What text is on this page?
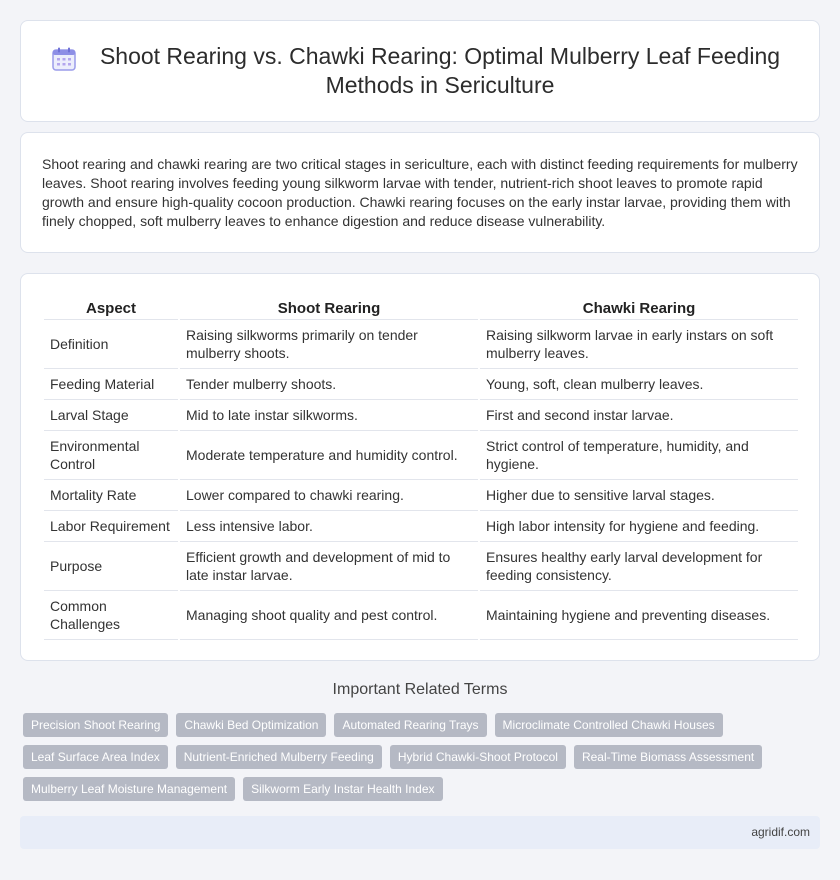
Shoot Rearing vs. Chawki Rearing: Optimal Mulberry Leaf Feeding Methods in Sericulture

Shoot rearing and chawki rearing are two critical stages in sericulture, each with distinct feeding requirements for mulberry leaves. Shoot rearing involves feeding young silkworm larvae with tender, nutrient-rich shoot leaves to promote rapid growth and ensure high-quality cocoon production. Chawki rearing focuses on the early instar larvae, providing them with finely chopped, soft mulberry leaves to enhance digestion and reduce disease vulnerability.

Aspect	Shoot Rearing	Chawki Rearing
Definition	Raising silkworms primarily on tender mulberry shoots.	Raising silkworm larvae in early instars on soft mulberry leaves.
Feeding Material	Tender mulberry shoots.	Young, soft, clean mulberry leaves.
Larval Stage	Mid to late instar silkworms.	First and second instar larvae.
Environmental Control	Moderate temperature and humidity control.	Strict control of temperature, humidity, and hygiene.
Mortality Rate	Lower compared to chawki rearing.	Higher due to sensitive larval stages.
Labor Requirement	Less intensive labor.	High labor intensity for hygiene and feeding.
Purpose	Efficient growth and development of mid to late instar larvae.	Ensures healthy early larval development for feeding consistency.
Common Challenges	Managing shoot quality and pest control.	Maintaining hygiene and preventing diseases.
Important Related Terms
Precision Shoot Rearing	Chawki Bed Optimization	Automated Rearing Trays	Microclimate Controlled Chawki Houses
Leaf Surface Area Index	Nutrient-Enriched Mulberry Feeding	Hybrid Chawki-Shoot Protocol	Real-Time Biomass Assessment
Mulberry Leaf Moisture Management	Silkworm Early Instar Health Index
agridif.com
